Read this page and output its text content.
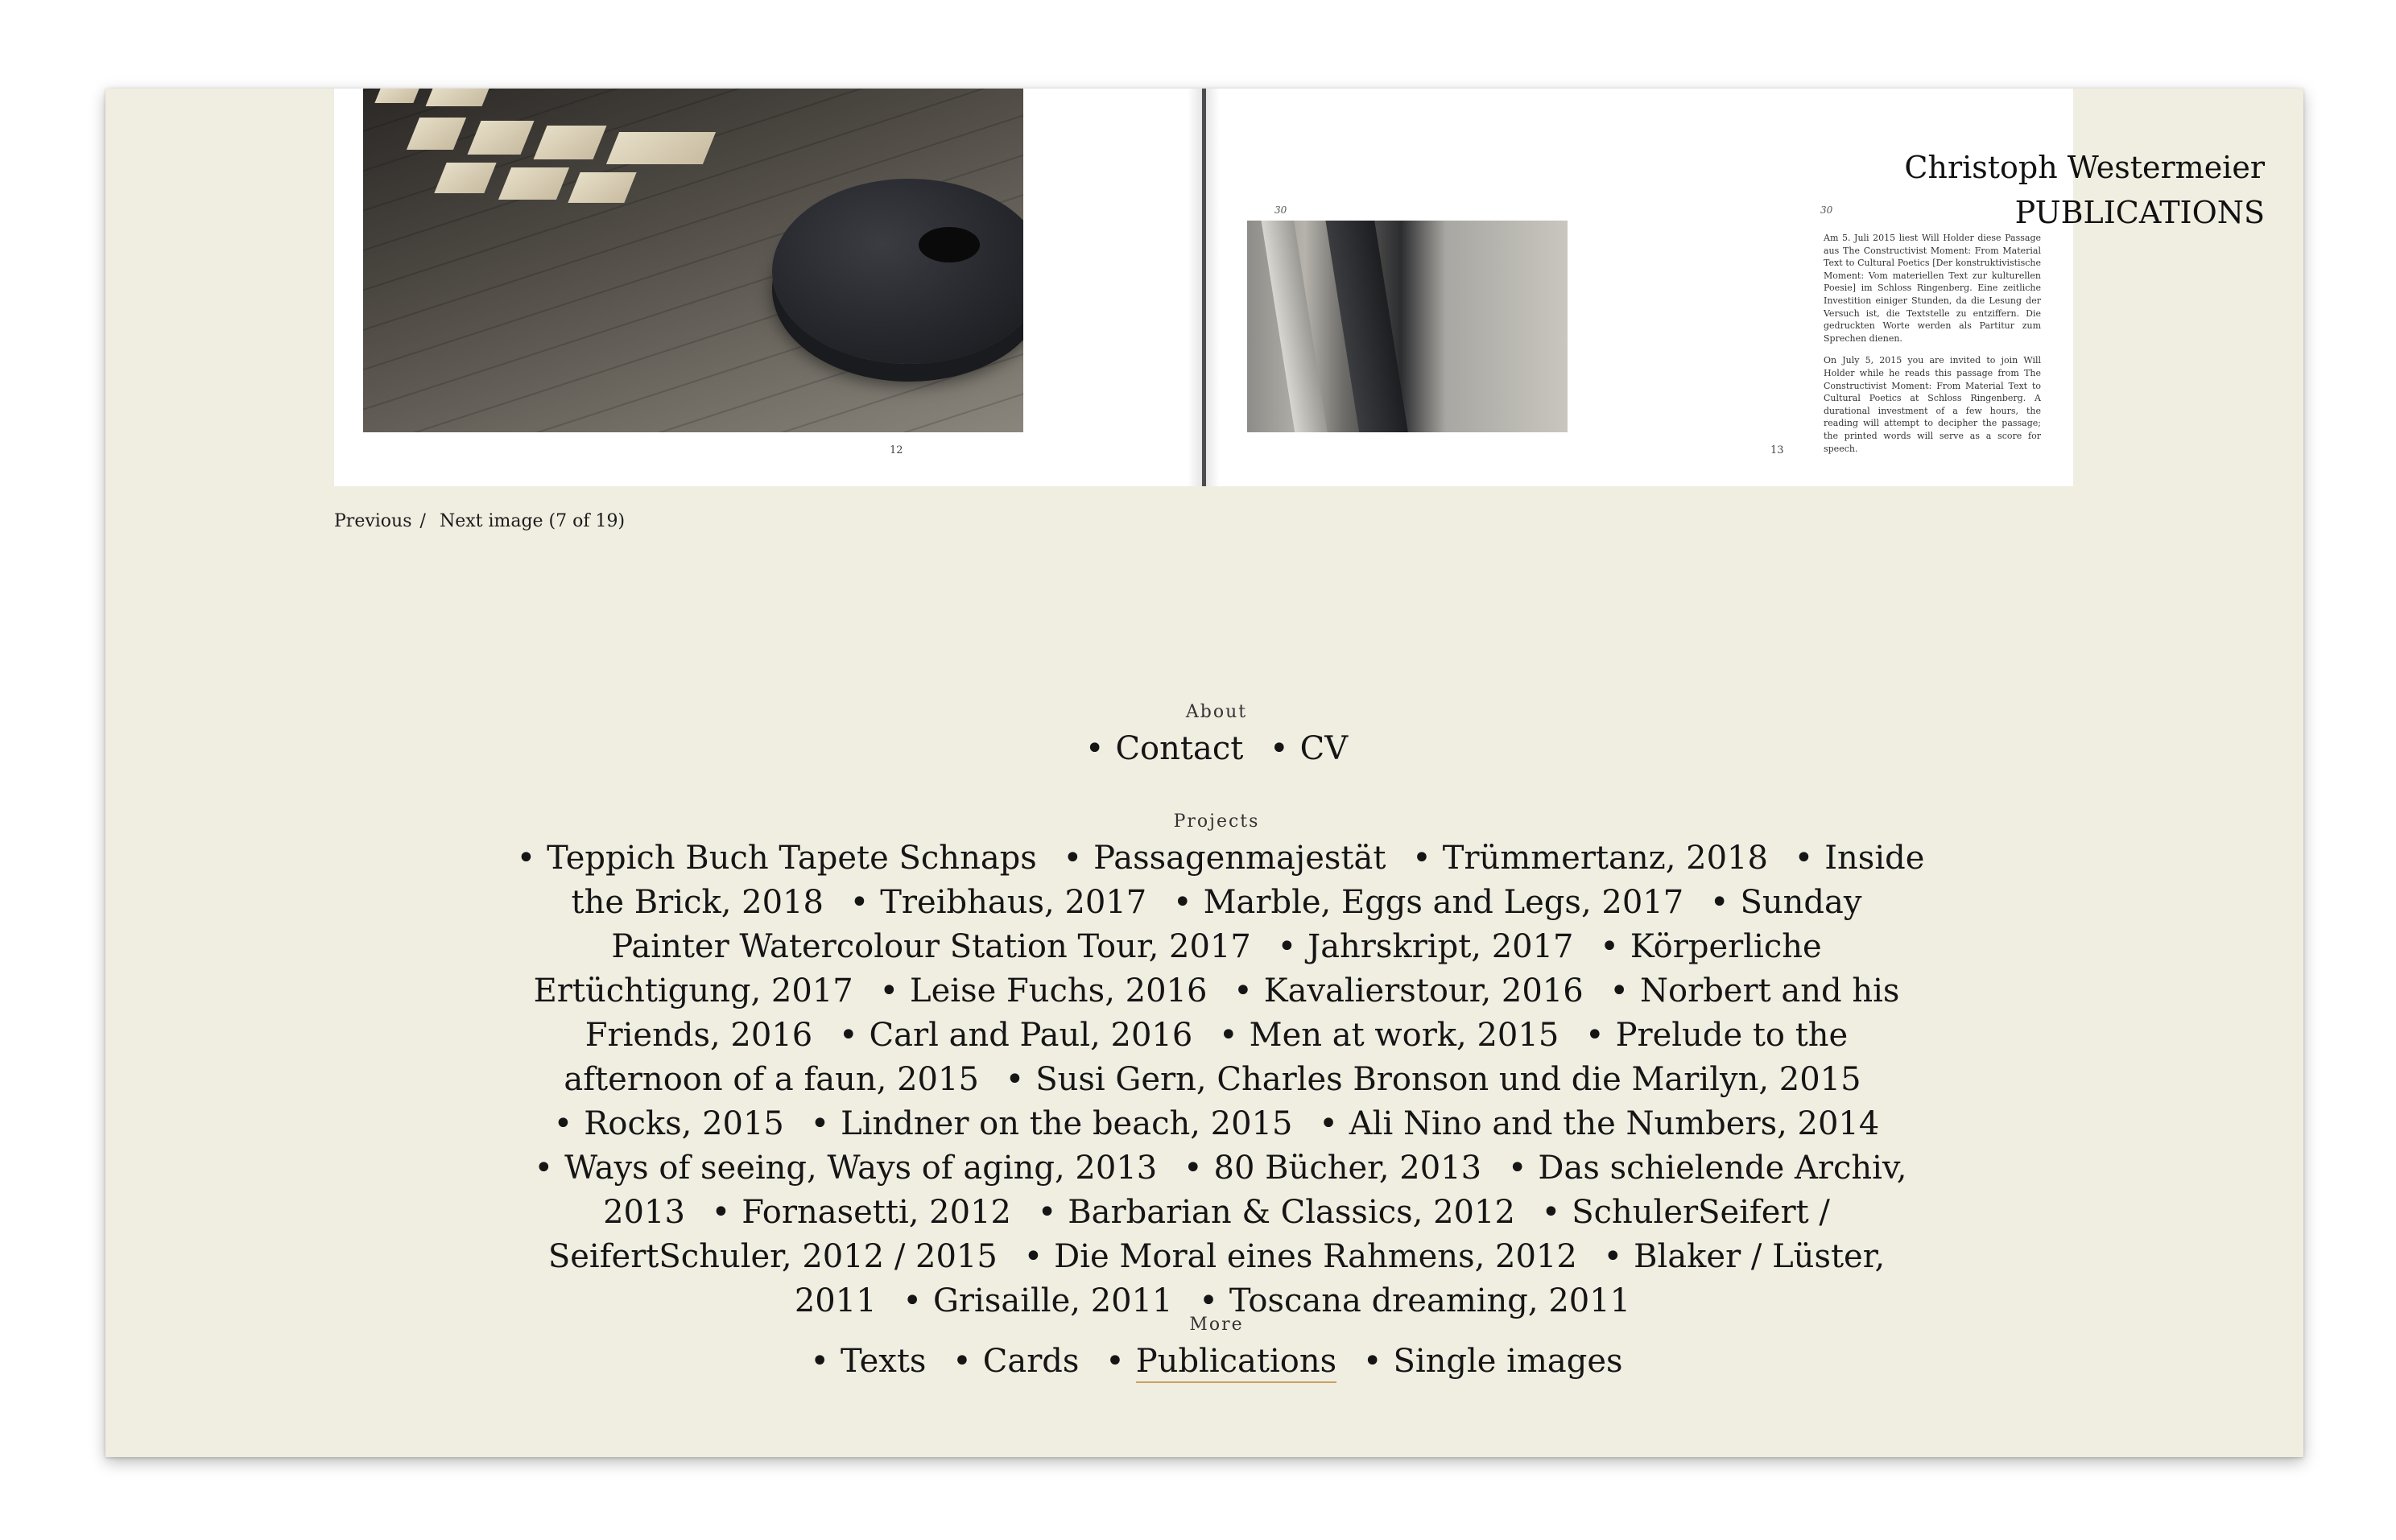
30	30

Am 5. Juli 2015 liest Will Holder diese Passage aus The Constructivist Moment: From Material Text to Cultural Poetics [Der konstruktivistische Moment: Vom materiellen Text zur kulturellen Poesie] im Schloss Ringenberg. Eine zeitliche Investition einiger Stunden, da die Lesung der Versuch ist, die Textstelle zu entziffern. Die gedruckten Worte werden als Partitur zum Sprechen dienen.

On July 5, 2015 you are invited to join Will Holder while he reads this passage from The Constructivist Moment: From Material Text to Cultural Poetics at Schloss Ringenberg. A durational investment of a few hours, the reading will attempt to decipher the passage; the printed words will serve as a score for speech.

12	13
Christoph Westermeier
PUBLICATIONS
Previous / Next image (7 of 19)
About
• Contact • CV
Projects
• Teppich Buch Tapete Schnaps • Passagenmajestät • Trümmertanz, 2018 • Inside the Brick, 2018 • Treibhaus, 2017 • Marble, Eggs and Legs, 2017 • Sunday Painter Watercolour Station Tour, 2017 • Jahrskript, 2017 • Körperliche Ertüchtigung, 2017 • Leise Fuchs, 2016 • Kavalierstour, 2016 • Norbert and his Friends, 2016 • Carl and Paul, 2016 • Men at work, 2015 • Prelude to the afternoon of a faun, 2015 • Susi Gern, Charles Bronson und die Marilyn, 2015 • Rocks, 2015 • Lindner on the beach, 2015 • Ali Nino and the Numbers, 2014 • Ways of seeing, Ways of aging, 2013 • 80 Bücher, 2013 • Das schielende Archiv, 2013 • Fornasetti, 2012 • Barbarian & Classics, 2012 • SchulerSeifert / SeifertSchuler, 2012 / 2015 • Die Moral eines Rahmens, 2012 • Blaker / Lüster, 2011 • Grisaille, 2011 • Toscana dreaming, 2011
More
• Texts • Cards • Publications • Single images
